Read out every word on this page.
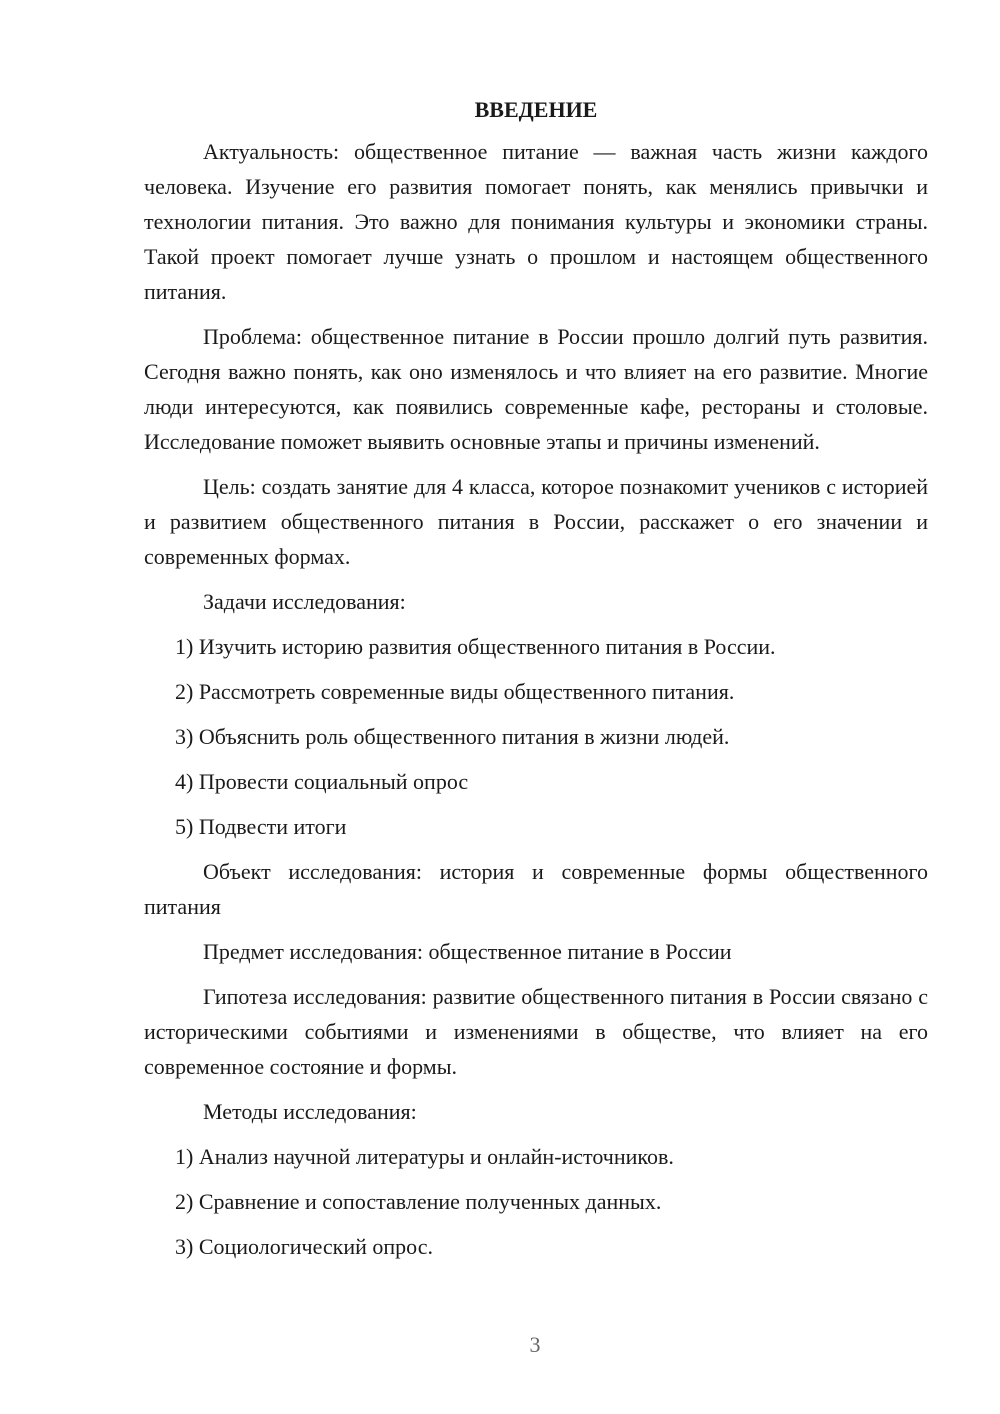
ВВЕДЕНИЕ

Актуальность: общественное питание — важная часть жизни каждого человека. Изучение его развития помогает понять, как менялись привычки и технологии питания. Это важно для понимания культуры и экономики страны. Такой проект помогает лучше узнать о прошлом и настоящем общественного питания.

Проблема: общественное питание в России прошло долгий путь развития. Сегодня важно понять, как оно изменялось и что влияет на его развитие. Многие люди интересуются, как появились современные кафе, рестораны и столовые. Исследование поможет выявить основные этапы и причины изменений.

Цель: создать занятие для 4 класса, которое познакомит учеников с историей и развитием общественного питания в России, расскажет о его значении и современных формах.

Задачи исследования:

1) Изучить историю развития общественного питания в России.
2) Рассмотреть современные виды общественного питания.
3) Объяснить роль общественного питания в жизни людей.
4) Провести социальный опрос
5) Подвести итоги

Объект исследования: история и современные формы общественного питания

Предмет исследования: общественное питание в России

Гипотеза исследования: развитие общественного питания в России связано с историческими событиями и изменениями в обществе, что влияет на его современное состояние и формы.

Методы исследования:

1) Анализ научной литературы и онлайн-источников.
2) Сравнение и сопоставление полученных данных.
3) Социологический опрос.
3
